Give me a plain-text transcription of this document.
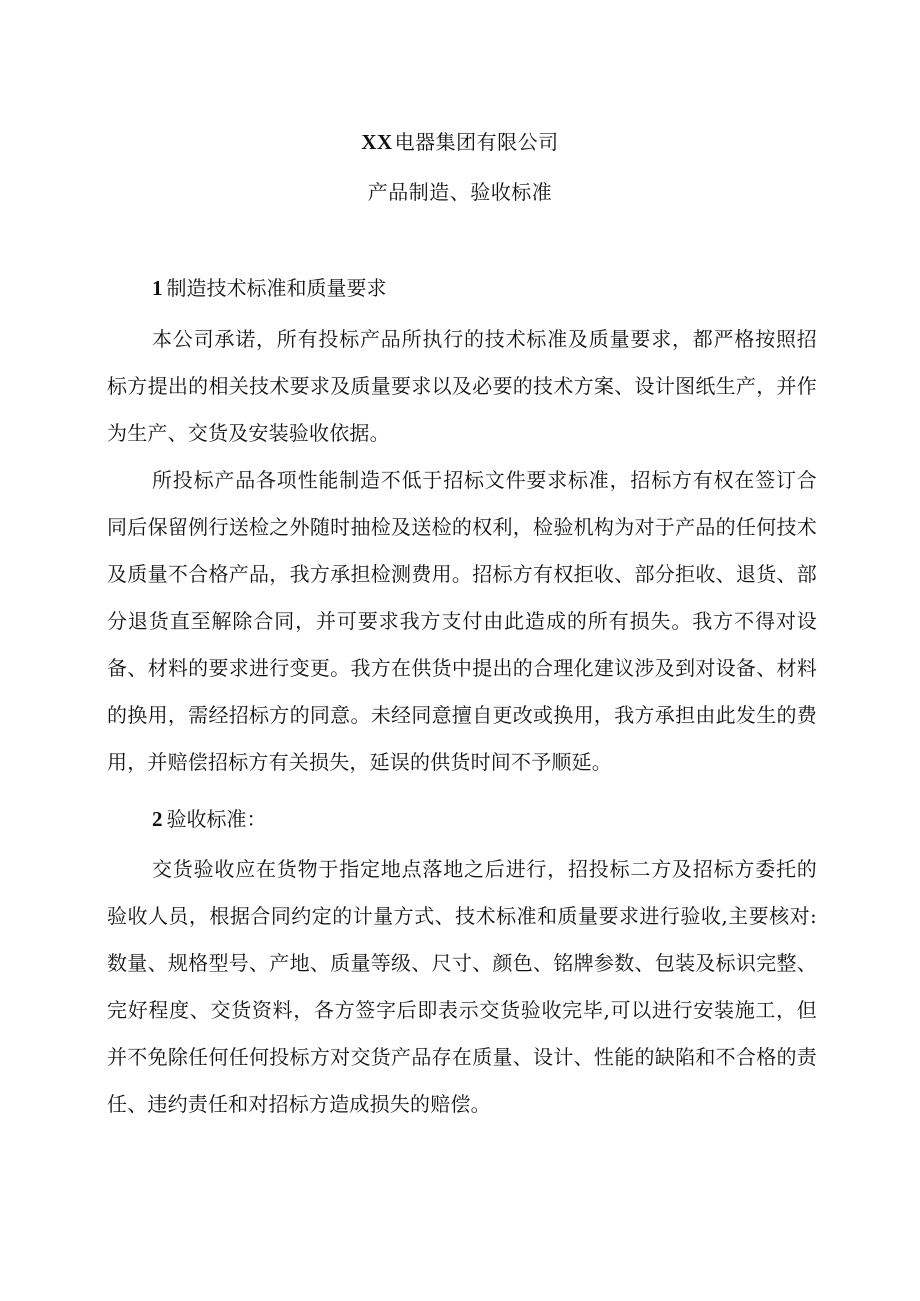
XX 电器集团有限公司
产品制造、验收标准
1 制造技术标准和质量要求

本公司承诺，所有投标产品所执行的技术标准及质量要求，都严格按照招标方提出的相关技术要求及质量要求以及必要的技术方案、设计图纸生产，并作为生产、交货及安装验收依据。

所投标产品各项性能制造不低于招标文件要求标准，招标方有权在签订合同后保留例行送检之外随时抽检及送检的权利，检验机构为对于产品的任何技术及质量不合格产品，我方承担检测费用。招标方有权拒收、部分拒收、退货、部分退货直至解除合同，并可要求我方支付由此造成的所有损失。我方不得对设备、材料的要求进行变更。我方在供货中提出的合理化建议涉及到对设备、材料的换用，需经招标方的同意。未经同意擅自更改或换用，我方承担由此发生的费用，并赔偿招标方有关损失，延误的供货时间不予顺延。

2 验收标准：

交货验收应在货物于指定地点落地之后进行，招投标二方及招标方委托的验收人员，根据合同约定的计量方式、技术标准和质量要求进行验收,主要核对:数量、规格型号、产地、质量等级、尺寸、颜色、铭牌参数、包装及标识完整、完好程度、交货资料，各方签字后即表示交货验收完毕,可以进行安装施工，但并不免除任何任何投标方对交货产品存在质量、设计、性能的缺陷和不合格的责任、违约责任和对招标方造成损失的赔偿。
